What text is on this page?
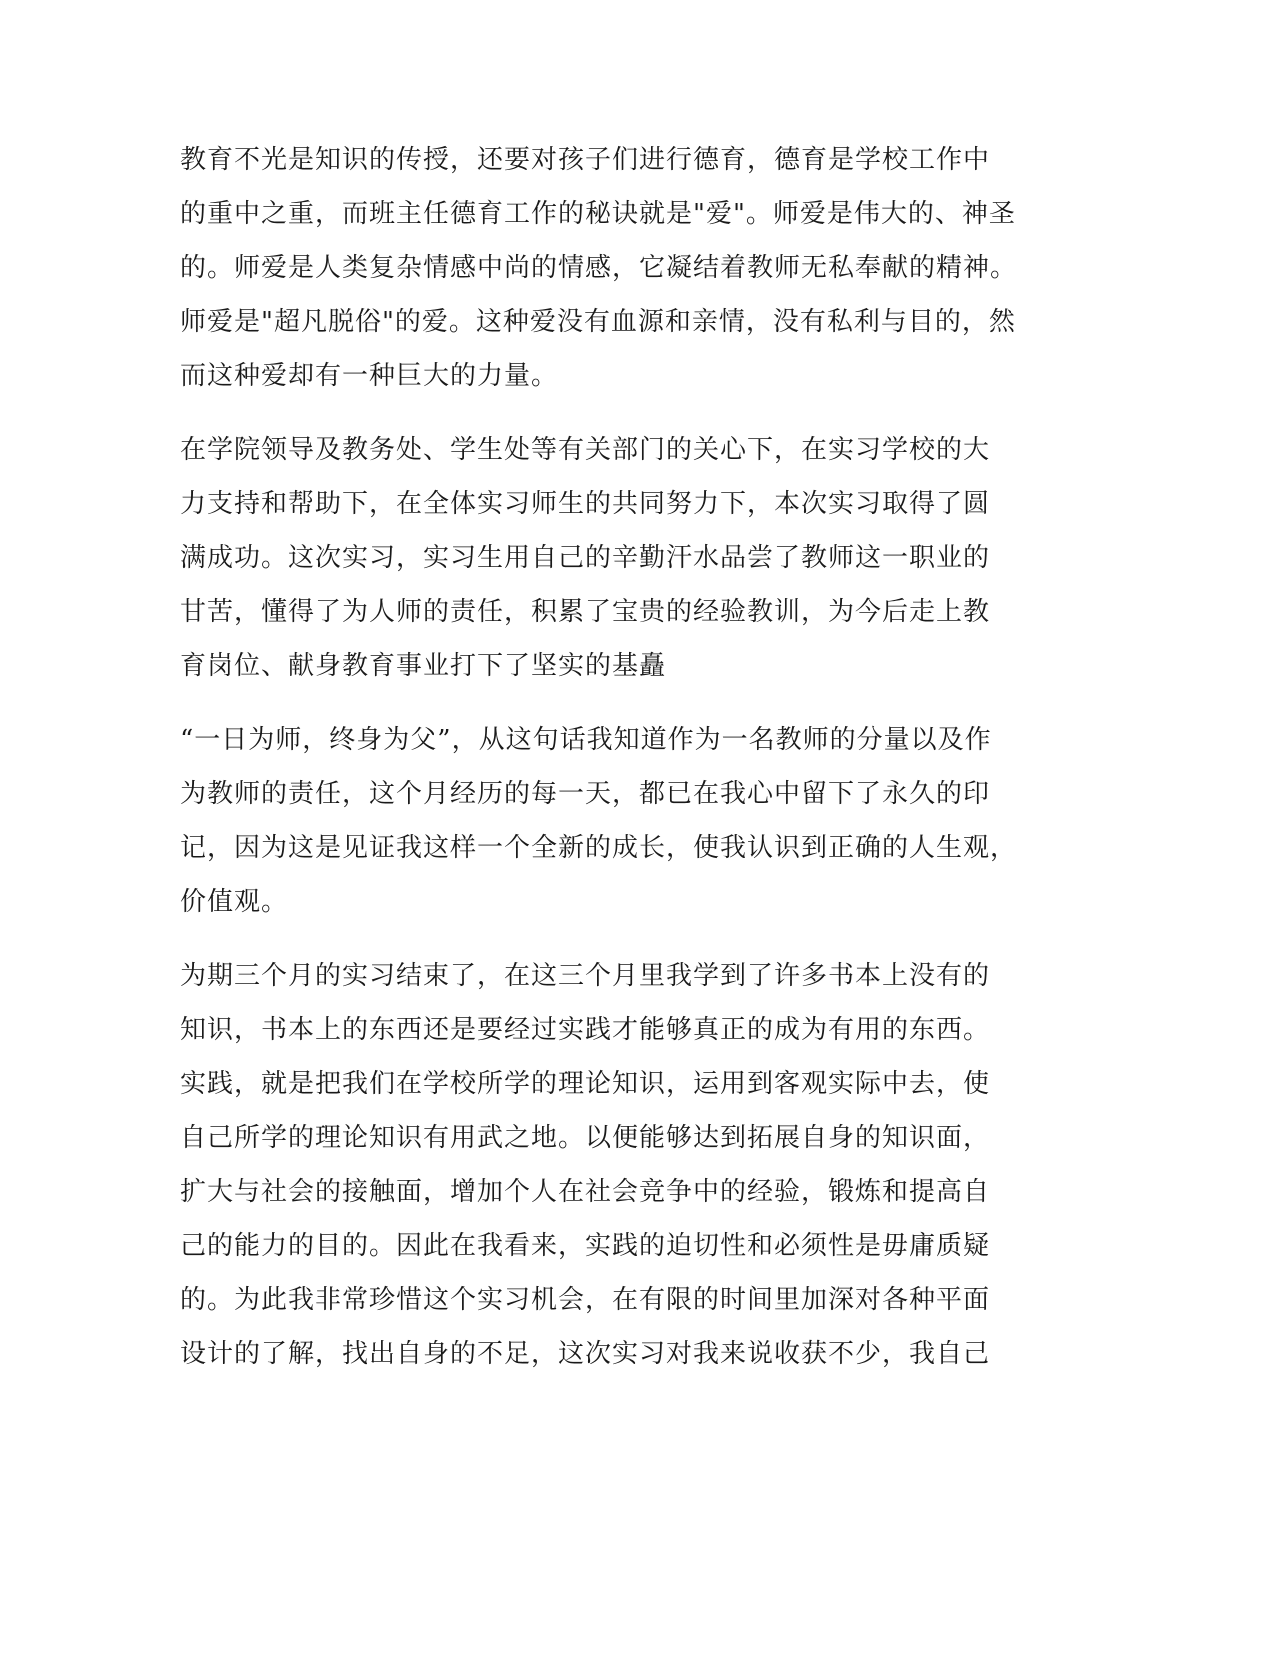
教育不光是知识的传授，还要对孩子们进行德育，德育是学校工作中
的重中之重，而班主任德育工作的秘诀就是"爱"。师爱是伟大的、神圣
的。师爱是人类复杂情感中尚的情感，它凝结着教师无私奉献的精神。
师爱是"超凡脱俗"的爱。这种爱没有血源和亲情，没有私利与目的，然
而这种爱却有一种巨大的力量。
在学院领导及教务处、学生处等有关部门的关心下，在实习学校的大
力支持和帮助下，在全体实习师生的共同努力下，本次实习取得了圆
满成功。这次实习，实习生用自己的辛勤汗水品尝了教师这一职业的
甘苦，懂得了为人师的责任，积累了宝贵的经验教训，为今后走上教
育岗位、献身教育事业打下了坚实的基矗
“一日为师，终身为父”，从这句话我知道作为一名教师的分量以及作
为教师的责任，这个月经历的每一天，都已在我心中留下了永久的印
记，因为这是见证我这样一个全新的成长，使我认识到正确的人生观，
价值观。
为期三个月的实习结束了，在这三个月里我学到了许多书本上没有的
知识，书本上的东西还是要经过实践才能够真正的成为有用的东西。
实践，就是把我们在学校所学的理论知识，运用到客观实际中去，使
自己所学的理论知识有用武之地。以便能够达到拓展自身的知识面，
扩大与社会的接触面，增加个人在社会竞争中的经验，锻炼和提高自
己的能力的目的。因此在我看来，实践的迫切性和必须性是毋庸质疑
的。为此我非常珍惜这个实习机会，在有限的时间里加深对各种平面
设计的了解，找出自身的不足，这次实习对我来说收获不少，我自己
